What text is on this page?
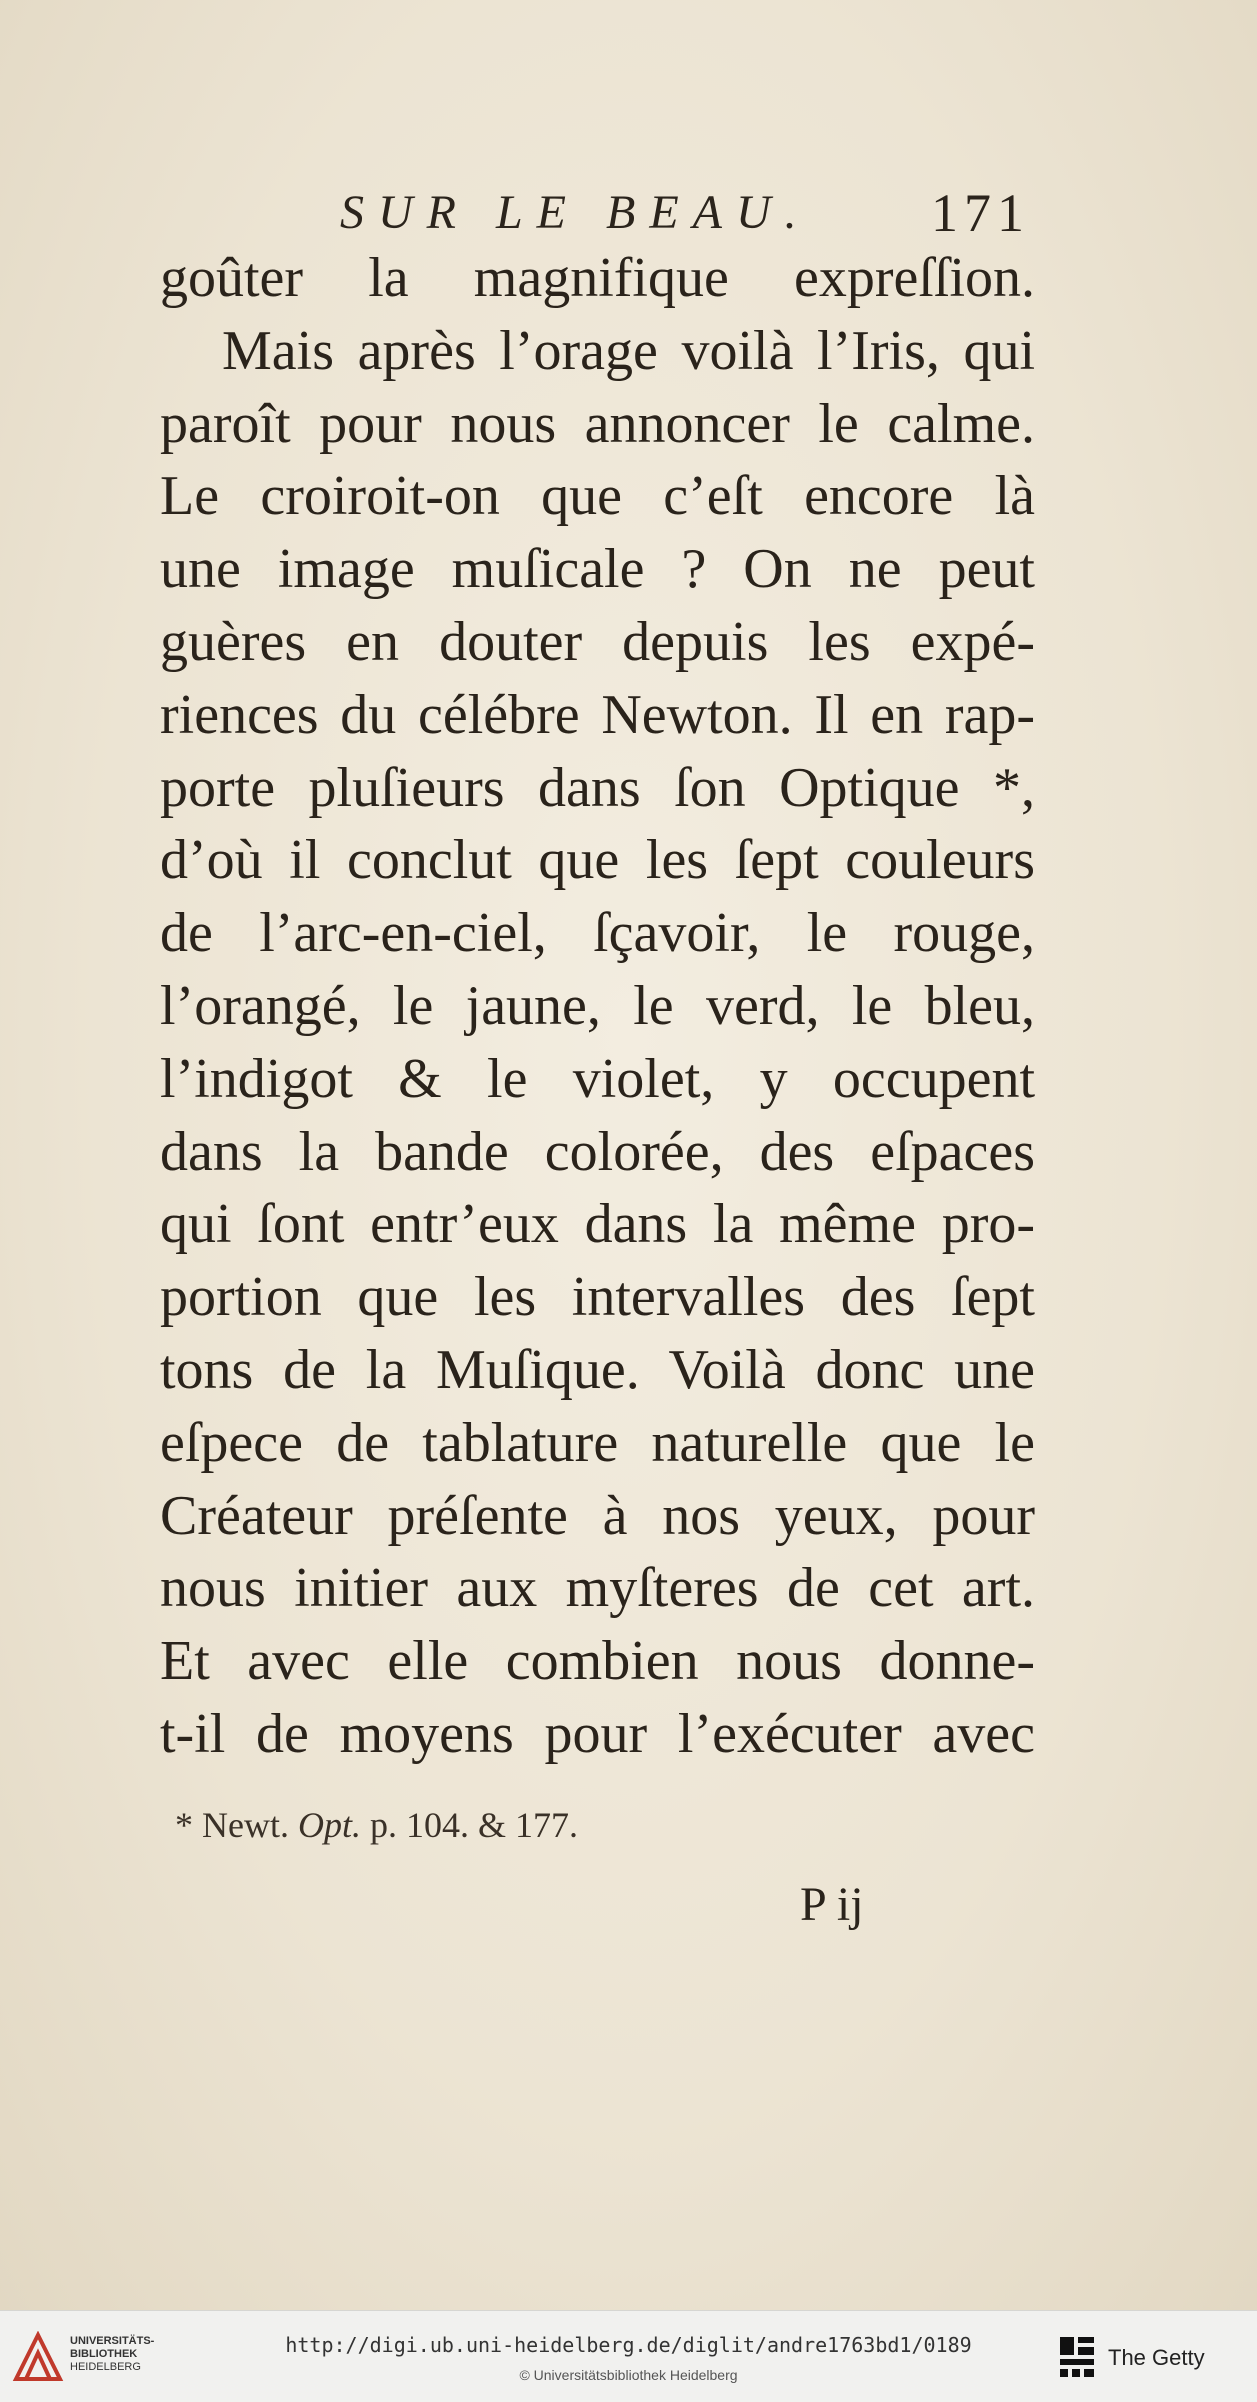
SUR LE BEAU. 171
goûter la magnifique expreſſion.
Mais après l’orage voilà l’Iris, qui
paroît pour nous annoncer le calme.
Le croiroit-on que c’eſt encore là
une image muſicale ? On ne peut
guères en douter depuis les expé-
riences du célébre Newton. Il en rap-
porte pluſieurs dans ſon Optique *,
d’où il conclut que les ſept couleurs
de l’arc-en-ciel, ſçavoir, le rouge,
l’orangé, le jaune, le verd, le bleu,
l’indigot & le violet, y occupent
dans la bande colorée, des eſpaces
qui ſont entr’eux dans la même pro-
portion que les intervalles des ſept
tons de la Muſique. Voilà donc une
eſpece de tablature naturelle que le
Créateur préſente à nos yeux, pour
nous initier aux myſteres de cet art.
Et avec elle combien nous donne-
t-il de moyens pour l’exécuter avec
* Newt. Opt. p. 104. & 177.
P ij
UNIVERSITÄTS-
BIBLIOTHEK
HEIDELBERG
http://digi.ub.uni-heidelberg.de/diglit/andre1763bd1/0189
© Universitätsbibliothek Heidelberg
The Getty
